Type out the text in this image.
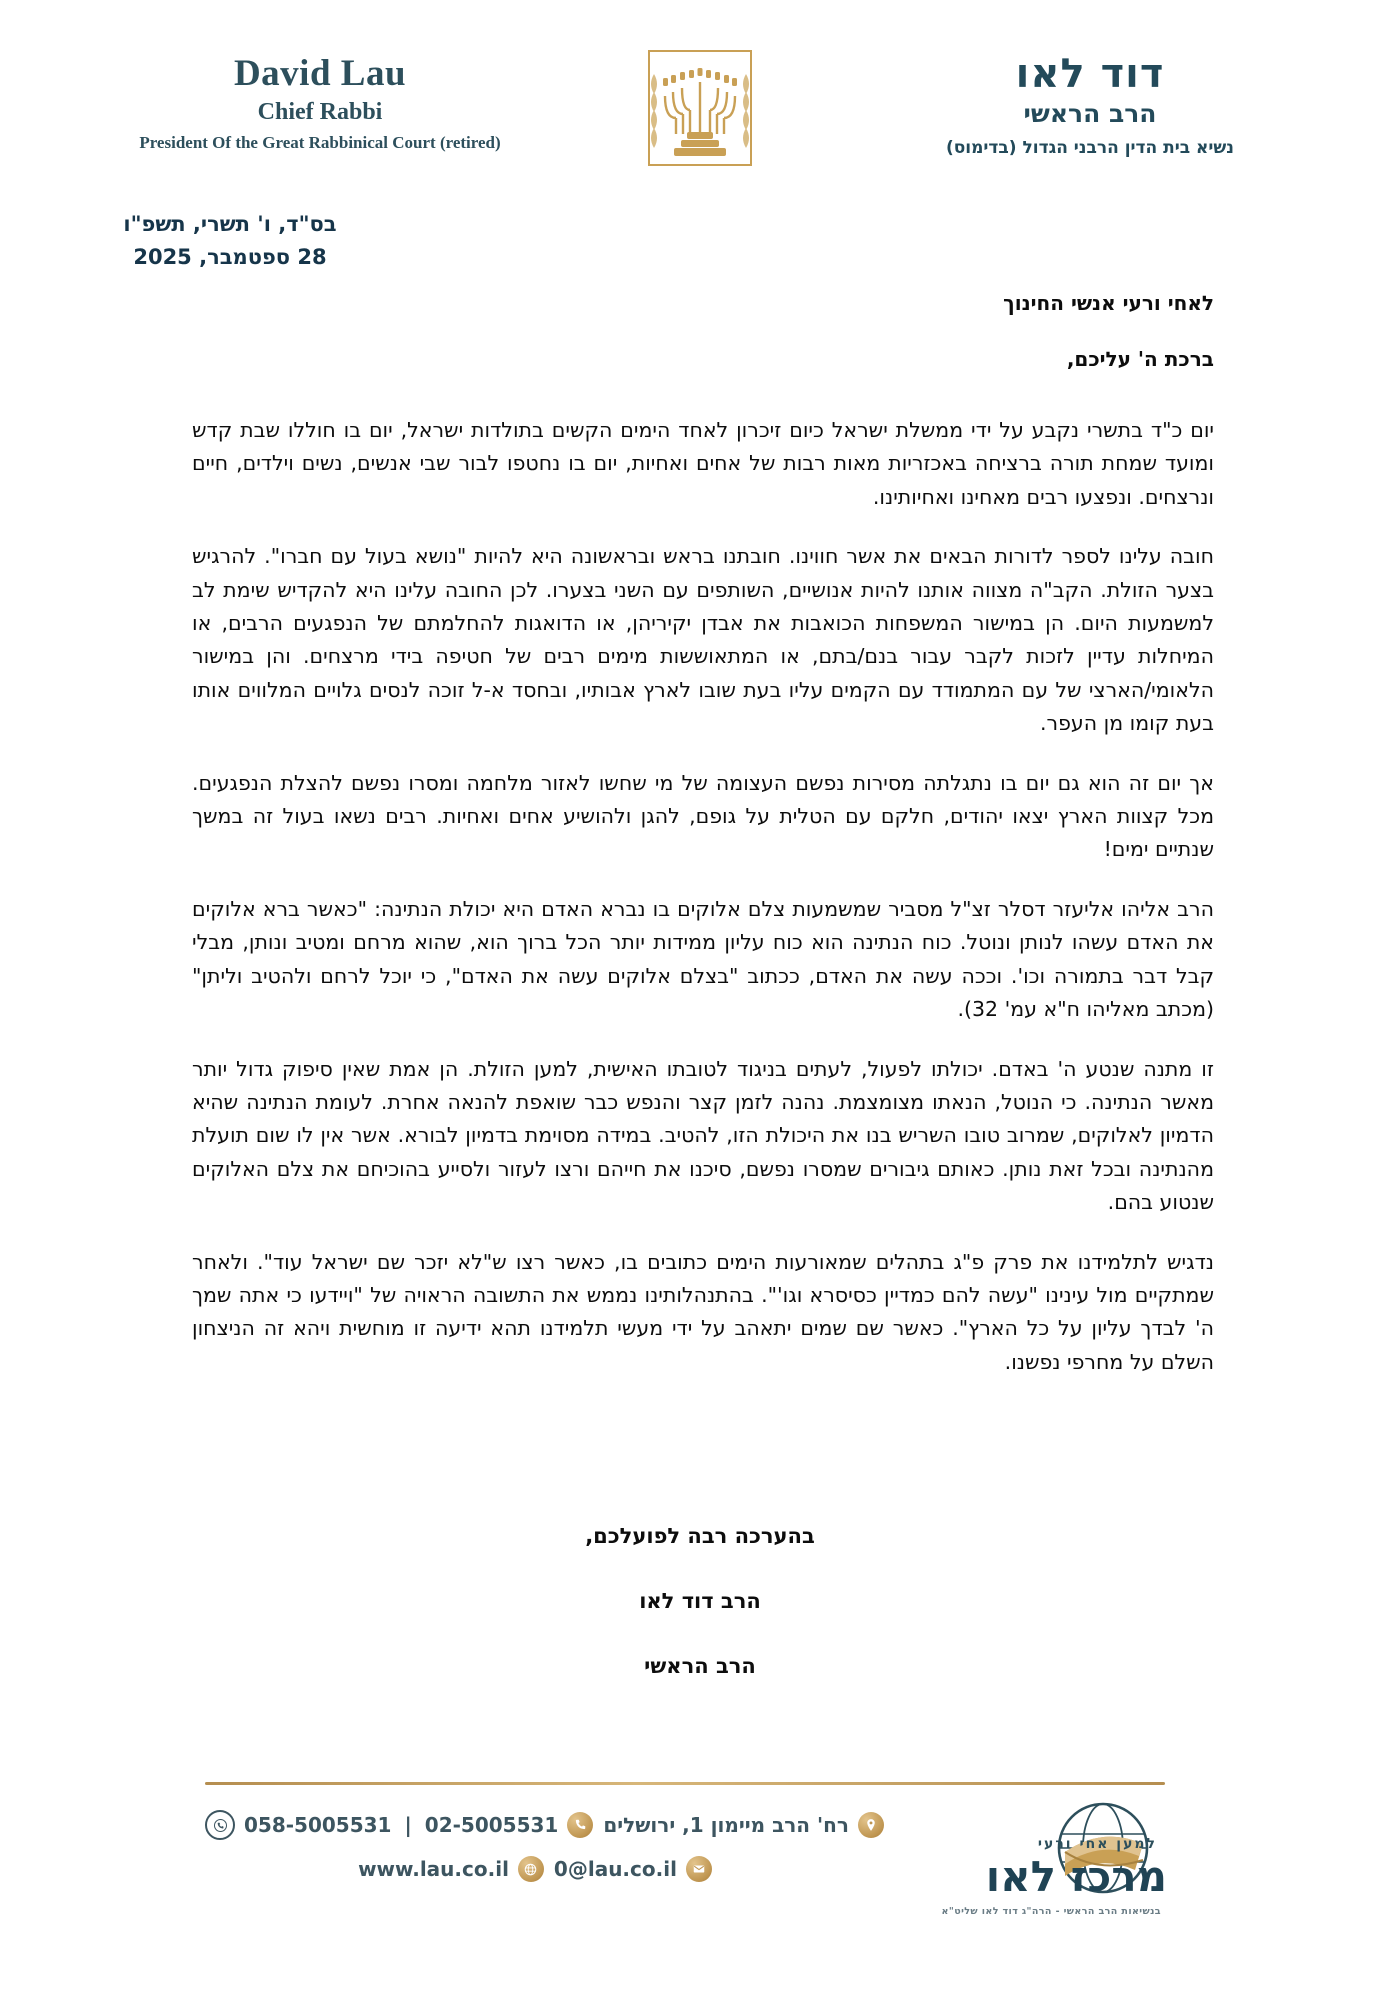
David Lau
Chief Rabbi
President Of the Great Rabbinical Court (retired)
דוד לאו
הרב הראשי
נשיא בית הדין הרבני הגדול (בדימוס)
בס"ד, ו' תשרי, תשפ"ו
28 ספטמבר, 2025

לאחי ורעי אנשי החינוך

ברכת ה' עליכם,

יום כ"ד בתשרי נקבע על ידי ממשלת ישראל כיום זיכרון לאחד הימים הקשים בתולדות ישראל, יום בו חוללו שבת קדש ומועד שמחת תורה ברציחה באכזריות מאות רבות של אחים ואחיות, יום בו נחטפו לבור שבי אנשים, נשים וילדים, חיים ונרצחים. ונפצעו רבים מאחינו ואחיותינו.

חובה עלינו לספר לדורות הבאים את אשר חווינו. חובתנו בראש ובראשונה היא להיות "נושא בעול עם חברו". להרגיש בצער הזולת. הקב"ה מצווה אותנו להיות אנושיים, השותפים עם השני בצערו. לכן החובה עלינו היא להקדיש שימת לב למשמעות היום. הן במישור המשפחות הכואבות את אבדן יקיריהן, או הדואגות להחלמתם של הנפגעים הרבים, או המיחלות עדיין לזכות לקבר עבור בנם/בתם, או המתאוששות מימים רבים של חטיפה בידי מרצחים. והן במישור הלאומי/הארצי של עם המתמודד עם הקמים עליו בעת שובו לארץ אבותיו, ובחסד א-ל זוכה לנסים גלויים המלווים אותו בעת קומו מן העפר.

אך יום זה הוא גם יום בו נתגלתה מסירות נפשם העצומה של מי שחשו לאזור מלחמה ומסרו נפשם להצלת הנפגעים. מכל קצוות הארץ יצאו יהודים, חלקם עם הטלית על גופם, להגן ולהושיע אחים ואחיות. רבים נשאו בעול זה במשך שנתיים ימים!

הרב אליהו אליעזר דסלר זצ"ל מסביר שמשמעות צלם אלוקים בו נברא האדם היא יכולת הנתינה: "כאשר ברא אלוקים את האדם עשהו לנותן ונוטל. כוח הנתינה הוא כוח עליון ממידות יותר הכל ברוך הוא, שהוא מרחם ומטיב ונותן, מבלי קבל דבר בתמורה וכו'. וככה עשה את האדם, ככתוב "בצלם אלוקים עשה את האדם", כי יוכל לרחם ולהטיב וליתן" (מכתב מאליהו ח"א עמ' 32).

זו מתנה שנטע ה' באדם. יכולתו לפעול, לעתים בניגוד לטובתו האישית, למען הזולת. הן אמת שאין סיפוק גדול יותר מאשר הנתינה. כי הנוטל, הנאתו מצומצמת. נהנה לזמן קצר והנפש כבר שואפת להנאה אחרת. לעומת הנתינה שהיא הדמיון לאלוקים, שמרוב טובו השריש בנו את היכולת הזו, להטיב. במידה מסוימת בדמיון לבורא. אשר אין לו שום תועלת מהנתינה ובכל זאת נותן. כאותם גיבורים שמסרו נפשם, סיכנו את חייהם ורצו לעזור ולסייע בהוכיחם את צלם האלוקים שנטוע בהם.

נדגיש לתלמידנו את פרק פ"ג בתהלים שמאורעות הימים כתובים בו, כאשר רצו ש"לא יזכר שם ישראל עוד". ולאחר שמתקיים מול עינינו "עשה להם כמדיין כסיסרא וגו'". בהתנהלותינו נממש את התשובה הראויה של "ויידעו כי אתה שמך ה' לבדך עליון על כל הארץ". כאשר שם שמים יתאהב על ידי מעשי תלמידנו תהא ידיעה זו מוחשית ויהא זה הניצחון השלם על מחרפי נפשנו.

בהערכה רבה לפועלכם,
הרב דוד לאו
הרב הראשי
רח' הרב מיימון 1, ירושלים
02-5005531
|
058-5005531
0@lau.co.il
www.lau.co.il
למען אחי ורעי
מרכז לאו
בנשיאות הרב הראשי - הרה"ג דוד לאו שליט"א
